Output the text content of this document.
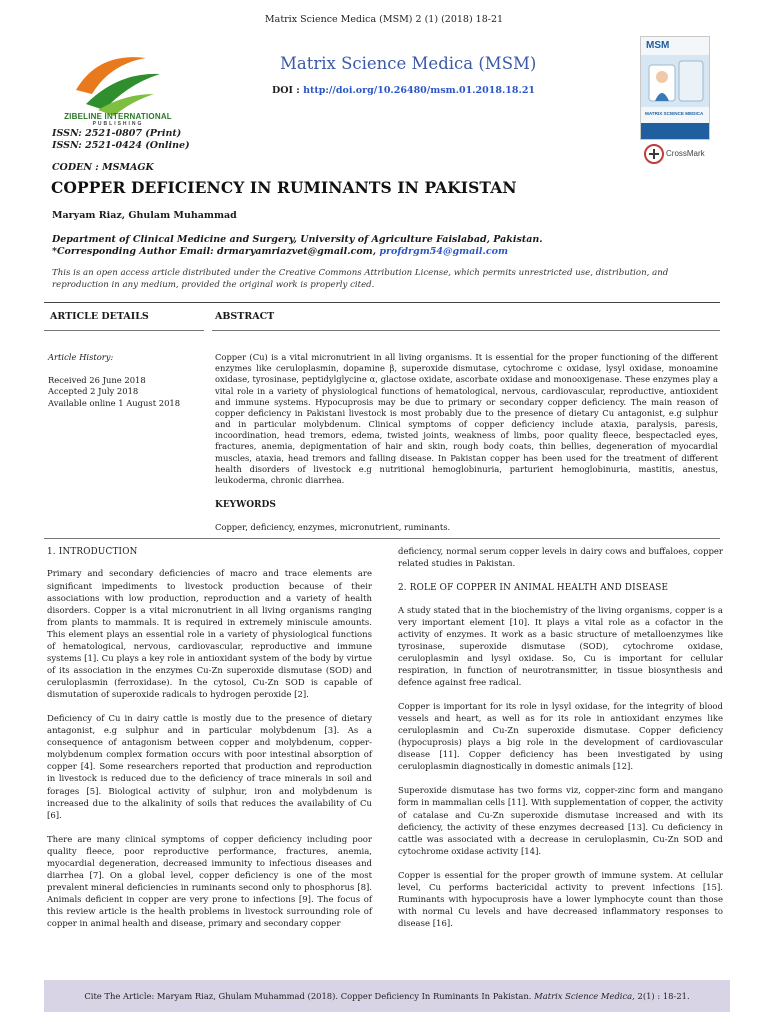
Matrix Science Medica (MSM) 2 (1) (2018) 18-21
ZIBELINE INTERNATIONAL
PUBLISHING
ISSN: 2521-0807 (Print)
ISSN: 2521-0424 (Online)
Matrix Science Medica (MSM)
DOI : http://doi.org/10.26480/msm.01.2018.18.21
MSM
MATRIX SCIENCE MEDICA
CrossMark
CODEN : MSMAGK
COPPER DEFICIENCY IN RUMINANTS IN PAKISTAN
Maryam Riaz, Ghulam Muhammad
Department of Clinical Medicine and Surgery, University of Agriculture Faislabad, Pakistan.
*Corresponding Author Email: drmaryamriazvet@gmail.com, profdrgm54@gmail.com
This is an open access article distributed under the Creative Commons Attribution License, which permits unrestricted use, distribution, and reproduction in any medium, provided the original work is properly cited.
ARTICLE DETAILS	ABSTRACT
Article History:
Received 26 June 2018
Accepted 2 July 2018
Available online 1 August 2018
Copper (Cu) is a vital micronutrient in all living organisms. It is essential for the proper functioning of the different enzymes like ceruloplasmin, dopamine β, superoxide dismutase, cytochrome c oxidase, lysyl oxidase, monoamine oxidase, tyrosinase, peptidylglycine α, glactose oxidate, ascorbate oxidase and monooxigenase. These enzymes play a vital role in a variety of physiological functions of hematological, nervous, cardiovascular, reproductive, antioxident and immune systems. Hypocuprosis may be due to primary or secondary copper deficiency. The main reason of copper deficiency in Pakistani livestock is most probably due to the presence of dietary Cu antagonist, e.g sulphur and in particular molybdenum. Clinical symptoms of copper deficiency include ataxia, paralysis, paresis, incoordination, head tremors, edema, twisted joints, weakness of limbs, poor quality fleece, bespectacled eyes, fractures, anemia, depigmentation of hair and skin, rough body coats, thin bellies, degeneration of myocardial muscles, ataxia, head tremors and falling disease. In Pakistan copper has been used for the treatment of different health disorders of livestock e.g nutritional hemoglobinuria, parturient hemoglobinuria, mastitis, anestus, leukoderma, chronic diarrhea.
KEYWORDS
Copper, deficiency, enzymes, micronutrient, ruminants.
1. INTRODUCTION

Primary and secondary deficiencies of macro and trace elements are significant impediments to livestock production because of their associations with low production, reproduction and a variety of health disorders. Copper is a vital micronutrient in all living organisms ranging from plants to mammals. It is required in extremely miniscule amounts. This element plays an essential role in a variety of physiological functions of hematological, nervous, cardiovascular, reproductive and immune systems [1]. Cu plays a key role in antioxidant system of the body by virtue of its association in the enzymes Cu-Zn superoxide dismutase (SOD) and ceruloplasmin (ferroxidase). In the cytosol, Cu-Zn SOD is capable of dismutation of superoxide radicals to hydrogen peroxide [2].

Deficiency of Cu in dairy cattle is mostly due to the presence of dietary antagonist, e.g sulphur and in particular molybdenum [3]. As a consequence of antagonism between copper and molybdenum, copper-molybdenum complex formation occurs with poor intestinal absorption of copper [4]. Some researchers reported that production and reproduction in livestock is reduced due to the deficiency of trace minerals in soil and forages [5]. Biological activity of sulphur, iron and molybdenum is increased due to the alkalinity of soils that reduces the availability of Cu [6].

There are many clinical symptoms of copper deficiency including poor quality fleece, poor reproductive performance, fractures, anemia, myocardial degeneration, decreased immunity to infectious diseases and diarrhea [7]. On a global level, copper deficiency is one of the most prevalent mineral deficiencies in ruminants second only to phosphorus [8]. Animals deficient in copper are very prone to infections [9]. The focus of this review article is the health problems in livestock surrounding role of copper in animal health and disease, primary and secondary copper

deficiency, normal serum copper levels in dairy cows and buffaloes, copper related studies in Pakistan.

2. ROLE OF COPPER IN ANIMAL HEALTH AND DISEASE

A study stated that in the biochemistry of the living organisms, copper is a very important element [10]. It plays a vital role as a cofactor in the activity of enzymes. It work as a basic structure of metalloenzymes like tyrosinase, superoxide dismutase (SOD), cytochrome oxidase, ceruloplasmin and lysyl oxidase. So, Cu is important for cellular respiration, in function of neurotransmitter, in tissue biosynthesis and defence against free radical.

Copper is important for its role in lysyl oxidase, for the integrity of blood vessels and heart, as well as for its role in antioxidant enzymes like ceruloplasmin and Cu-Zn superoxide dismutase. Copper deficiency (hypocuprosis) plays a big role in the development of cardiovascular disease [11]. Copper deficiency has been investigated by using ceruloplasmin diagnostically in domestic animals [12].

Superoxide dismutase has two forms viz, copper-zinc form and mangano form in mammalian cells [11]. With supplementation of copper, the activity of catalase and Cu-Zn superoxide dismutase increased and with its deficiency, the activity of these enzymes decreased [13]. Cu deficiency in cattle was associated with a decrease in ceruloplasmin, Cu-Zn SOD and cytochrome oxidase activity [14].

Copper is essential for the proper growth of immune system. At cellular level, Cu performs bactericidal activity to prevent infections [15]. Ruminants with hypocuprosis have a lower lymphocyte count than those with normal Cu levels and have decreased inflammatory responses to disease [16].

Cite The Article: Maryam Riaz, Ghulam Muhammad (2018). Copper Deficiency In Ruminants In Pakistan. Matrix Science Medica, 2(1) : 18-21.
